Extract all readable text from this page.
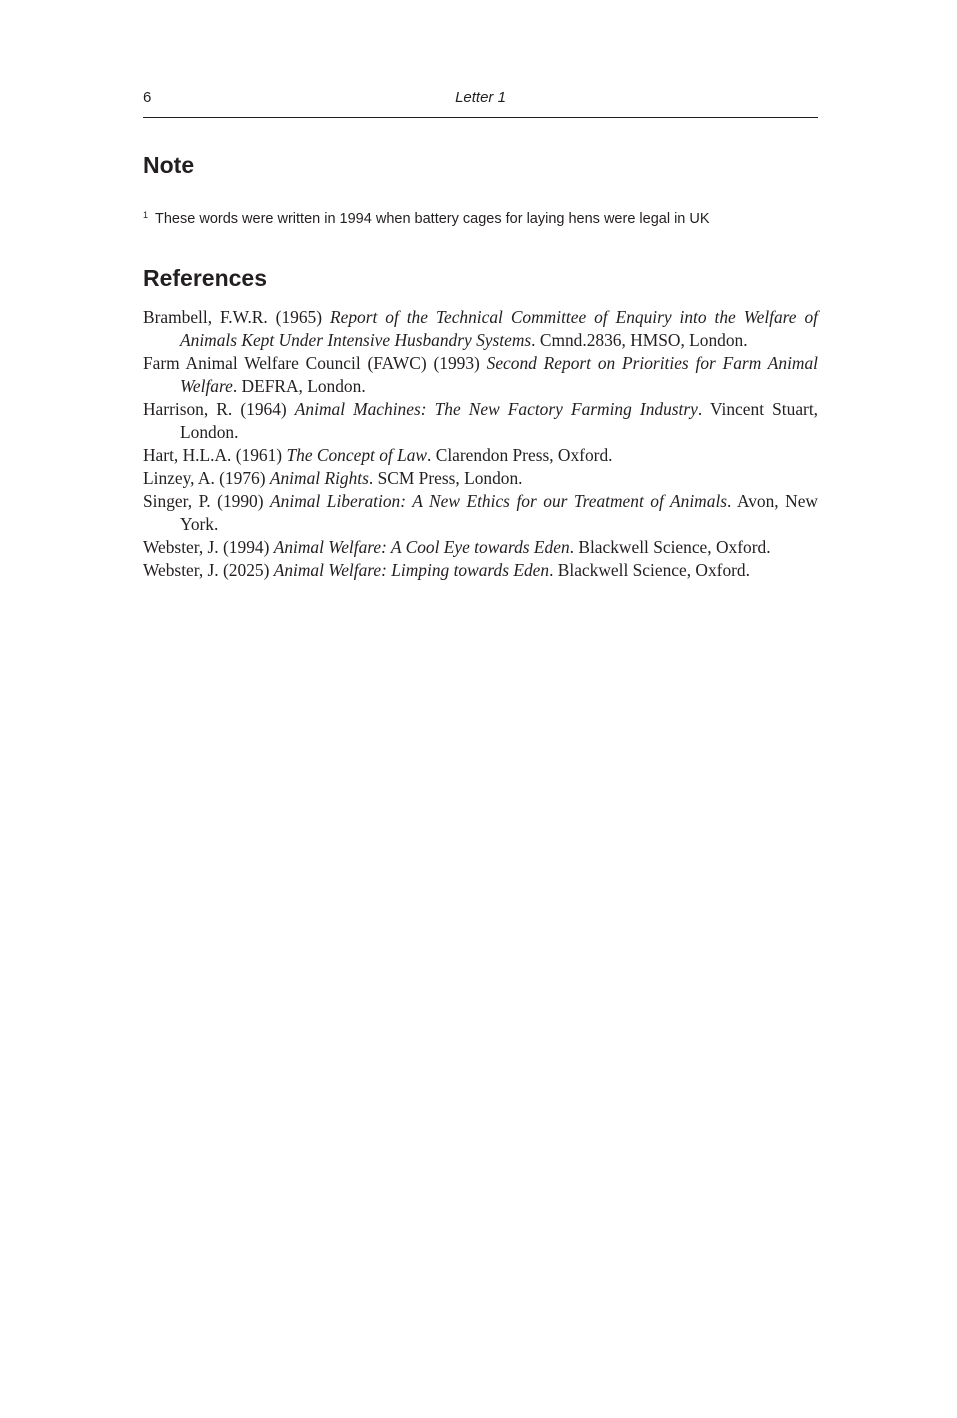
6	Letter 1
Note

$^1$ These words were written in 1994 when battery cages for laying hens were legal in UK

References
Brambell, F.W.R. (1965) Report of the Technical Committee of Enquiry into the Welfare of Animals Kept Under Intensive Husbandry Systems. Cmnd.2836, HMSO, London.
Farm Animal Welfare Council (FAWC) (1993) Second Report on Priorities for Farm Animal Welfare. DEFRA, London.
Harrison, R. (1964) Animal Machines: The New Factory Farming Industry. Vincent Stuart, London.
Hart, H.L.A. (1961) The Concept of Law. Clarendon Press, Oxford.
Linzey, A. (1976) Animal Rights. SCM Press, London.
Singer, P. (1990) Animal Liberation: A New Ethics for our Treatment of Animals. Avon, New York.
Webster, J. (1994) Animal Welfare: A Cool Eye towards Eden. Blackwell Science, Oxford.
Webster, J. (2025) Animal Welfare: Limping towards Eden. Blackwell Science, Oxford.
